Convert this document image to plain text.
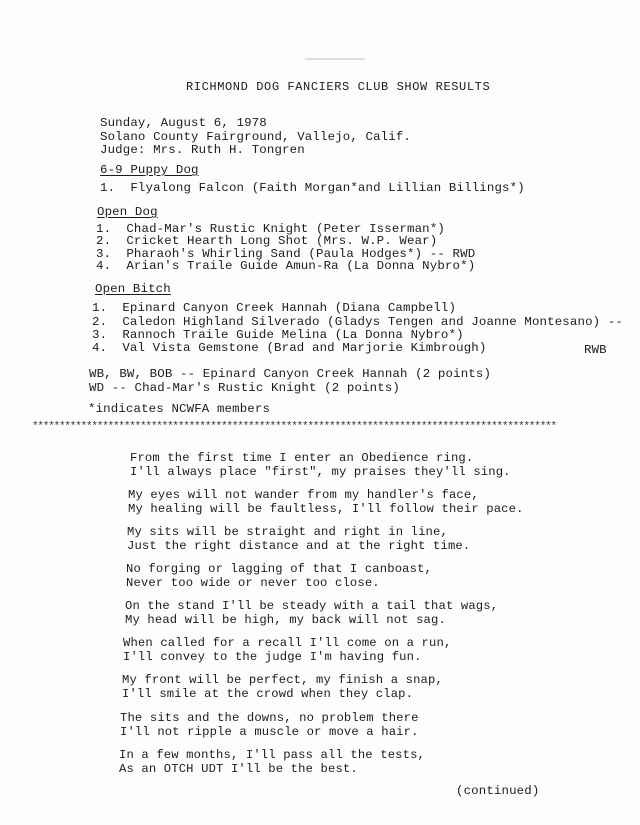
RICHMOND DOG FANCIERS CLUB SHOW RESULTS
Sunday, August 6, 1978
Solano County Fairground, Vallejo, Calif.
Judge: Mrs. Ruth H. Tongren
6-9 Puppy Dog
1.  Flyalong Falcon (Faith Morgan*and Lillian Billings*)
Open Dog
1.  Chad-Mar's Rustic Knight (Peter Isserman*)
2.  Cricket Hearth Long Shot (Mrs. W.P. Wear)
3.  Pharaoh's Whirling Sand (Paula Hodges*) -- RWD
4.  Arian's Traile Guide Amun-Ra (La Donna Nybro*)
Open Bitch
1.  Epinard Canyon Creek Hannah (Diana Campbell)
2.  Caledon Highland Silverado (Gladys Tengen and Joanne Montesano) --
3.  Rannoch Traile Guide Melina (La Donna Nybro*)
4.  Val Vista Gemstone (Brad and Marjorie Kimbrough)	RWB
WB, BW, BOB -- Epinard Canyon Creek Hannah (2 points)
WD -- Chad-Mar's Rustic Knight (2 points)
*indicates NCWFA members
*************************************************************************************************
From the first time I enter an Obedience ring.
I'll always place "first", my praises they'll sing.
My eyes will not wander from my handler's face,
My healing will be faultless, I'll follow their pace.
My sits will be straight and right in line,
Just the right distance and at the right time.
No forging or lagging of that I canboast,
Never too wide or never too close.
On the stand I'll be steady with a tail that wags,
My head will be high, my back will not sag.
When called for a recall I'll come on a run,
I'll convey to the judge I'm having fun.
My front will be perfect, my finish a snap,
I'll smile at the crowd when they clap.
The sits and the downs, no problem there
I'll not ripple a muscle or move a hair.
In a few months, I'll pass all the tests,
As an OTCH UDT I'll be the best.
(continued)
